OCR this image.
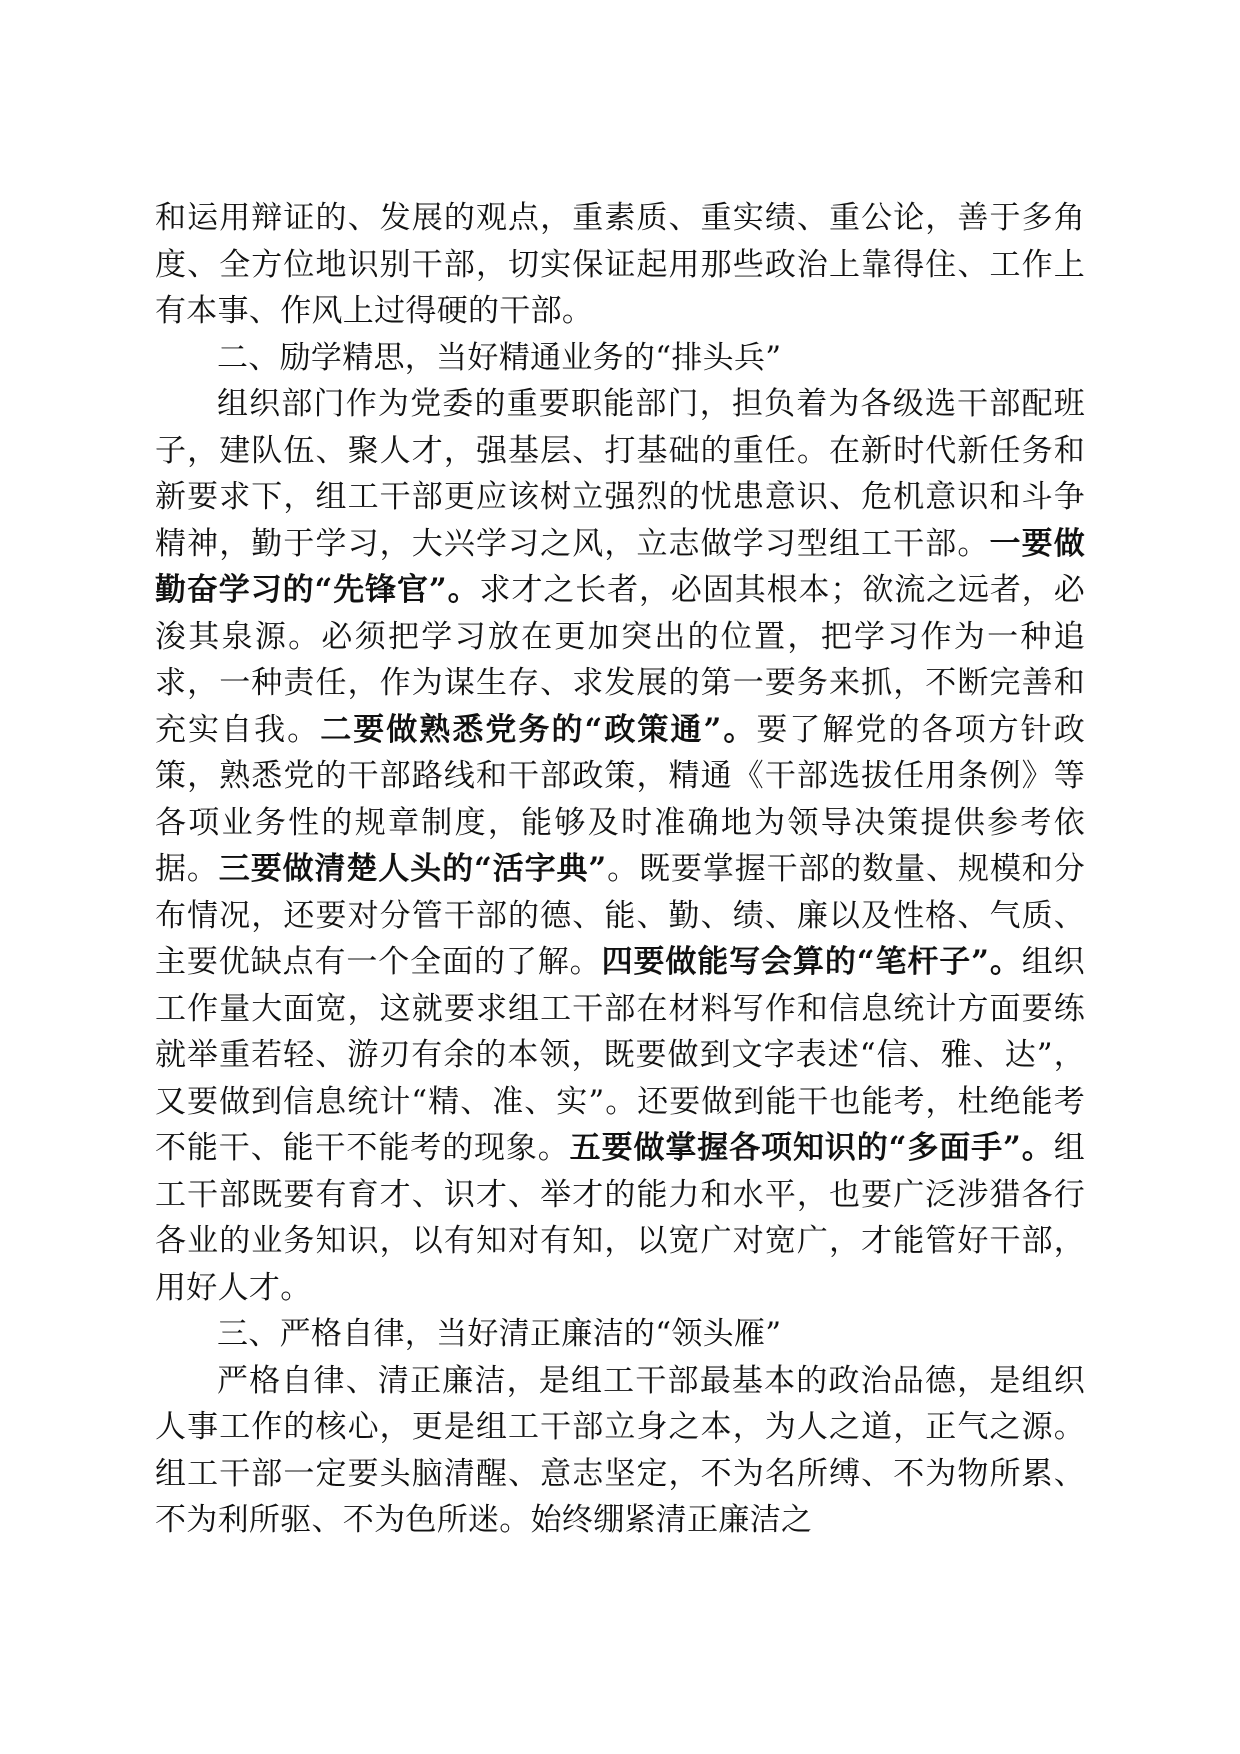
和运用辩证的、发展的观点，重素质、重实绩、重公论，善于多角度、全方位地识别干部，切实保证起用那些政治上靠得住、工作上有本事、作风上过得硬的干部。

二、励学精思，当好精通业务的“排头兵”

组织部门作为党委的重要职能部门，担负着为各级选干部配班子，建队伍、聚人才，强基层、打基础的重任。在新时代新任务和新要求下，组工干部更应该树立强烈的忧患意识、危机意识和斗争精神，勤于学习，大兴学习之风，立志做学习型组工干部。一要做勤奋学习的“先锋官”。求才之长者，必固其根本；欲流之远者，必浚其泉源。必须把学习放在更加突出的位置，把学习作为一种追求，一种责任，作为谋生存、求发展的第一要务来抓，不断完善和充实自我。二要做熟悉党务的“政策通”。要了解党的各项方针政策，熟悉党的干部路线和干部政策，精通《干部选拔任用条例》等各项业务性的规章制度，能够及时准确地为领导决策提供参考依据。三要做清楚人头的“活字典”。既要掌握干部的数量、规模和分布情况，还要对分管干部的德、能、勤、绩、廉以及性格、气质、主要优缺点有一个全面的了解。四要做能写会算的“笔杆子”。组织工作量大面宽，这就要求组工干部在材料写作和信息统计方面要练就举重若轻、游刃有余的本领，既要做到文字表述“信、雅、达”，又要做到信息统计“精、准、实”。还要做到能干也能考，杜绝能考不能干、能干不能考的现象。五要做掌握各项知识的“多面手”。组工干部既要有育才、识才、举才的能力和水平，也要广泛涉猎各行各业的业务知识，以有知对有知，以宽广对宽广，才能管好干部，用好人才。

三、严格自律，当好清正廉洁的“领头雁”

严格自律、清正廉洁，是组工干部最基本的政治品德，是组织人事工作的核心，更是组工干部立身之本，为人之道，正气之源。组工干部一定要头脑清醒、意志坚定，不为名所缚、不为物所累、不为利所驱、不为色所迷。始终绷紧清正廉洁之
